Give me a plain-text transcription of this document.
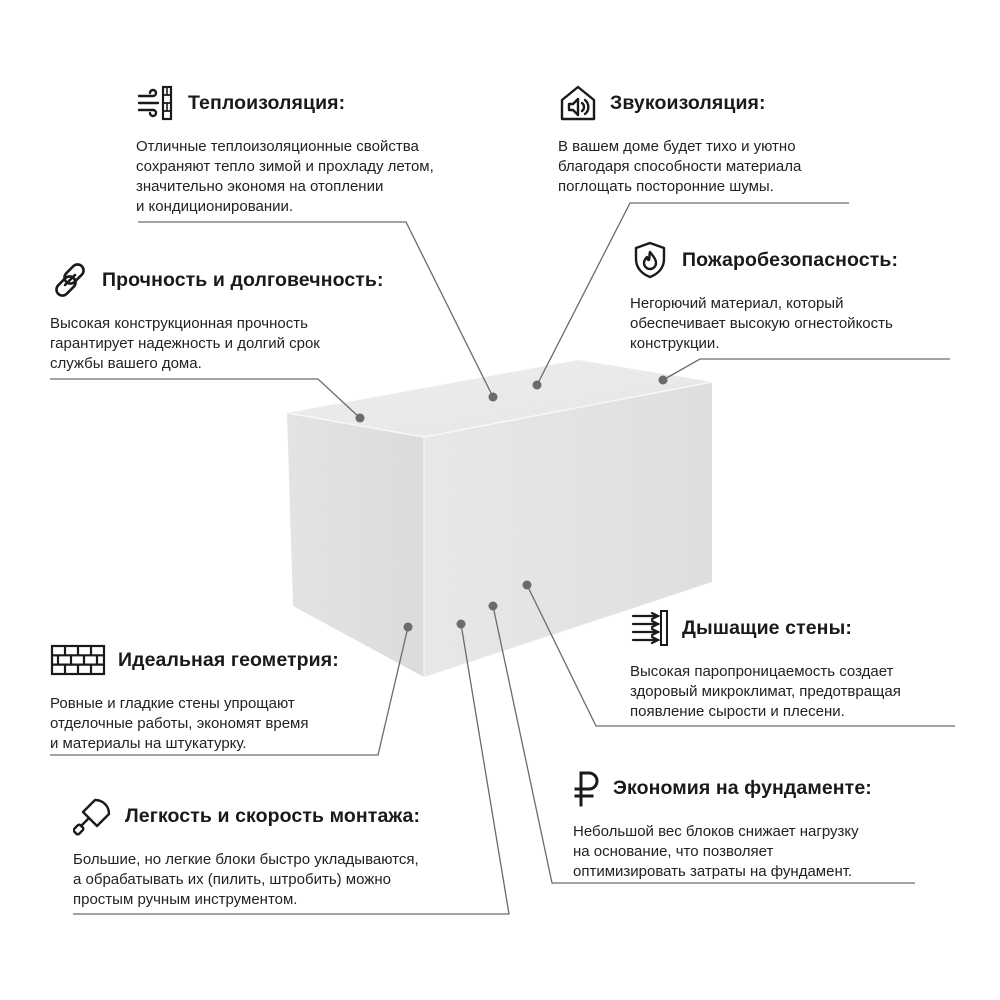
Теплоизоляция:
Отличные теплоизоляционные свойства
сохраняют тепло зимой и прохладу летом,
значительно экономя на отоплении
и кондиционировании.
Звукоизоляция:
В вашем доме будет тихо и уютно
благодаря способности материала
поглощать посторонние шумы.
Прочность и долговечность:
Высокая конструкционная прочность
гарантирует надежность и долгий срок
службы вашего дома.
Пожаробезопасность:
Негорючий материал, который
обеспечивает высокую огнестойкость
конструкции.
Дышащие стены:
Высокая паропроницаемость создает
здоровый микроклимат, предотвращая
появление сырости и плесени.
Идеальная геометрия:
Ровные и гладкие стены упрощают
отделочные работы, экономят время
и материалы на штукатурку.
Экономия на фундаменте:
Небольшой вес блоков снижает нагрузку
на основание, что позволяет
оптимизировать затраты на фундамент.
Легкость и скорость монтажа:
Большие, но легкие блоки быстро укладываются,
а обрабатывать их (пилить, штробить) можно
простым ручным инструментом.
